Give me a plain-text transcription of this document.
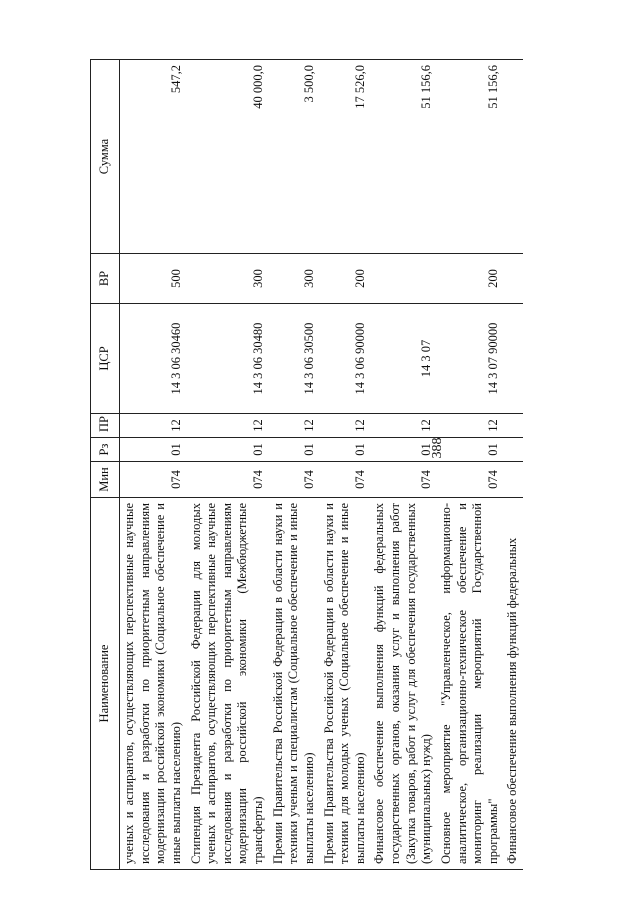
388
Наименование	Мин	Рз	ПР	ЦСР	ВР	Сумма
ученых и аспирантов, осуществляющих перспективные научные исследования и разработки по приоритетным направлениям модернизации российской экономики (Социальное обеспечение и иные выплаты населению)	074	01	12	14 3 06 30460	500	547,2
Стипендия Президента Российской Федерации для молодых ученых и аспирантов, осуществляющих перспективные научные исследования и разработки по приоритетным направлениям модернизации российской экономики (Межбюджетные трансферты)	074	01	12	14 3 06 30480	300	40 000,0
Премии Правительства Российской Федерации в области науки и техники ученым и специалистам (Социальное обеспечение и иные выплаты населению)	074	01	12	14 3 06 30500	300	3 500,0
Премии Правительства Российской Федерации в области науки и техники для молодых ученых (Социальное обеспечение и иные выплаты населению)	074	01	12	14 3 06 90000	200	17 526,0
Финансовое обеспечение выполнения функций федеральных государственных органов, оказания услуг и выполнения работ (Закупка товаров, работ и услуг для обеспечения государственных (муниципальных) нужд)	074	01	12	14 3 07		51 156,6
Основное мероприятие "Управленческое, информационно-аналитическое, организационно-техническое обеспечение и мониторинг реализации мероприятий Государственной программы"	074	01	12	14 3 07 90000	200	51 156,6
Финансовое обеспечение выполнения функций федеральных						
